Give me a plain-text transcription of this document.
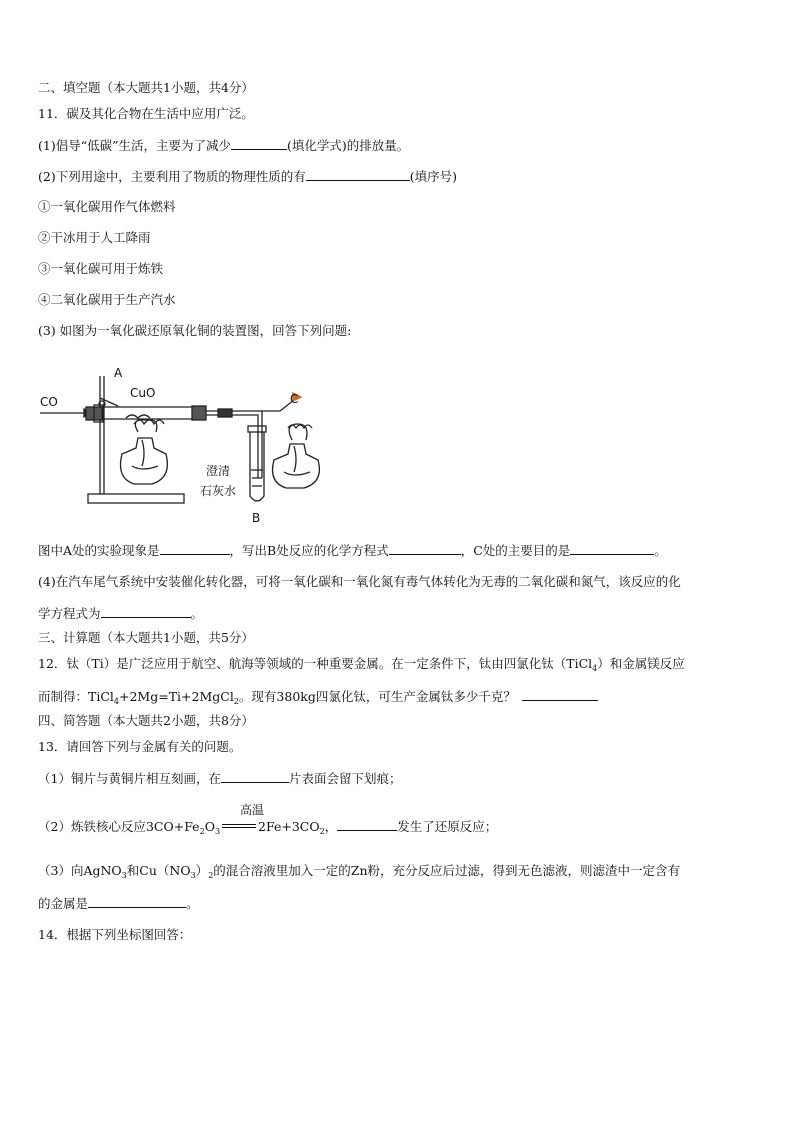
二、填空题（本大题共1小题，共4分）
11．碳及其化合物在生活中应用广泛。
(1)倡导“低碳”生活，主要为了减少	(填化学式)的排放量。
(2)下列用途中，主要利用了物质的物理性质的有	(填序号)
①一氧化碳用作气体燃料
②干冰用于人工降雨
③一氧化碳可用于炼铁
④二氧化碳用于生产汽水
(3) 如图为一氧化碳还原氧化铜的装置图，回答下列问题:
CO
A
CuO	C
澄清
石灰水
B
图中A处的实验现象是	，写出B处反应的化学方程式	，C处的主要目的是	。
(4)在汽车尾气系统中安装催化转化器，可将一氧化碳和一氧化氮有毒气体转化为无毒的二氧化碳和氮气，该反应的化
学方程式为	。
三、计算题（本大题共1小题，共5分）
12．钛（Ti）是广泛应用于航空、航海等领域的一种重要金属。在一定条件下，钛由四氯化钛（TiCl$_4$）和金属镁反应
而制得：TiCl$_4$+2Mg=Ti+2MgCl$_2$。现有380kg四氯化钛，可生产金属钛多少千克？
四、简答题（本大题共2小题，共8分）
13．请回答下列与金属有关的问题。
（1）铜片与黄铜片相互刻画，在	片表面会留下划痕；
（2）炼铁核心反应$3CO+Fe_2O_3$
高温
$2Fe+3CO_2$，	发生了还原反应；
（3）向AgNO$_3$和$Cu(NO_3)_2$的混合溶液里加入一定的Zn粉，充分反应后过滤，得到无色滤液，则滤渣中一定含有
的金属是	。
14．根据下列坐标图回答：
